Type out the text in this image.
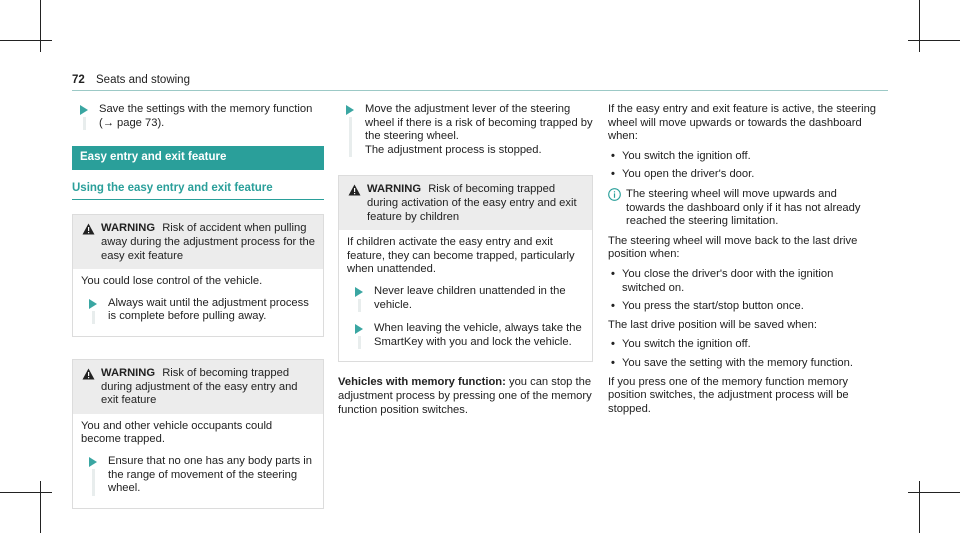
72 Seats and stowing
Save the settings with the memory function (→ page 73).
Easy entry and exit feature
Using the easy entry and exit feature
WARNING Risk of accident when pulling away during the adjustment process for the easy exit feature

You could lose control of the vehicle.

Always wait until the adjustment process is complete before pulling away.
WARNING Risk of becoming trapped during adjustment of the easy entry and exit feature

You and other vehicle occupants could become trapped.

Ensure that no one has any body parts in the range of movement of the steering wheel.
Move the adjustment lever of the steering wheel if there is a risk of becoming trapped by the steering wheel.
The adjustment process is stopped.
WARNING Risk of becoming trapped during activation of the easy entry and exit feature by children

If children activate the easy entry and exit feature, they can become trapped, particularly when unattended.

Never leave children unattended in the vehicle.
When leaving the vehicle, always take the SmartKey with you and lock the vehicle.

Vehicles with memory function: you can stop the adjustment process by pressing one of the memory function position switches.

If the easy entry and exit feature is active, the steering wheel will move upwards or towards the dashboard when:

• You switch the ignition off.
• You open the driver's door.
The steering wheel will move upwards and towards the dashboard only if it has not already reached the steering limitation.

The steering wheel will move back to the last drive position when:

• You close the driver's door with the ignition switched on.
• You press the start/stop button once.

The last drive position will be saved when:

• You switch the ignition off.
• You save the setting with the memory function.

If you press one of the memory function memory position switches, the adjustment process will be stopped.
